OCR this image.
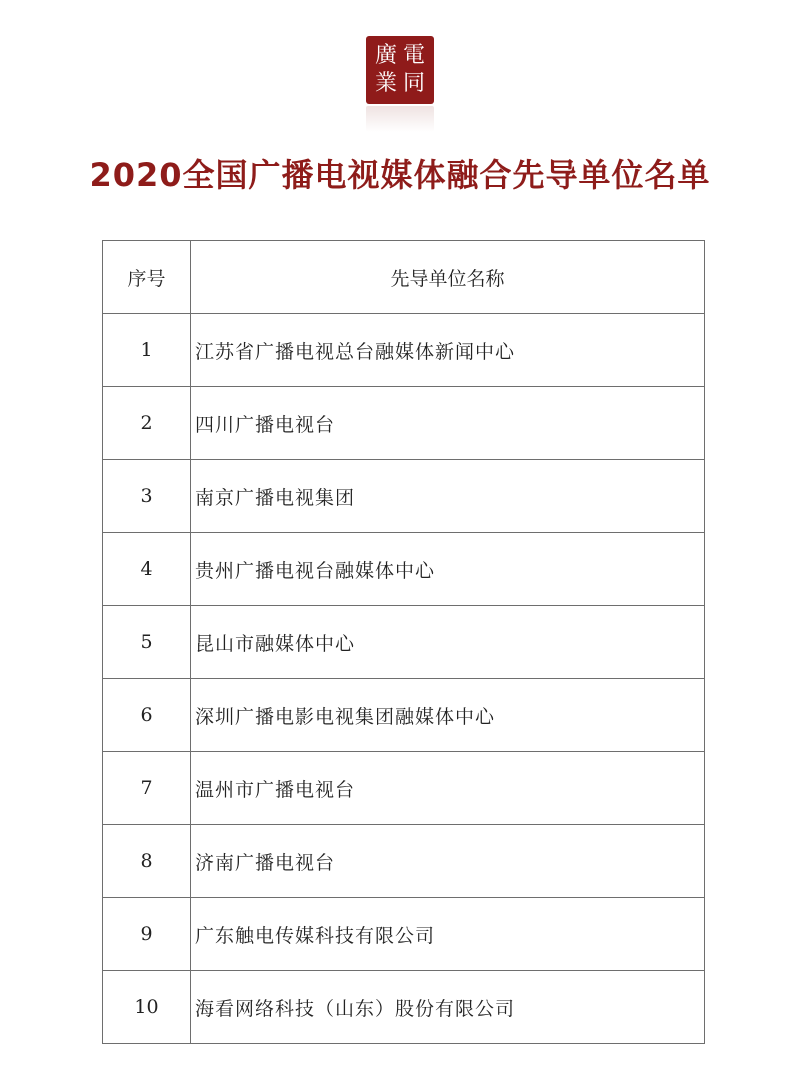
廣 電
業 同
2020全国广播电视媒体融合先导单位名单
序号	先导单位名称
1	江苏省广播电视总台融媒体新闻中心
2	四川广播电视台
3	南京广播电视集团
4	贵州广播电视台融媒体中心
5	昆山市融媒体中心
6	深圳广播电影电视集团融媒体中心
7	温州市广播电视台
8	济南广播电视台
9	广东触电传媒科技有限公司
10	海看网络科技（山东）股份有限公司
